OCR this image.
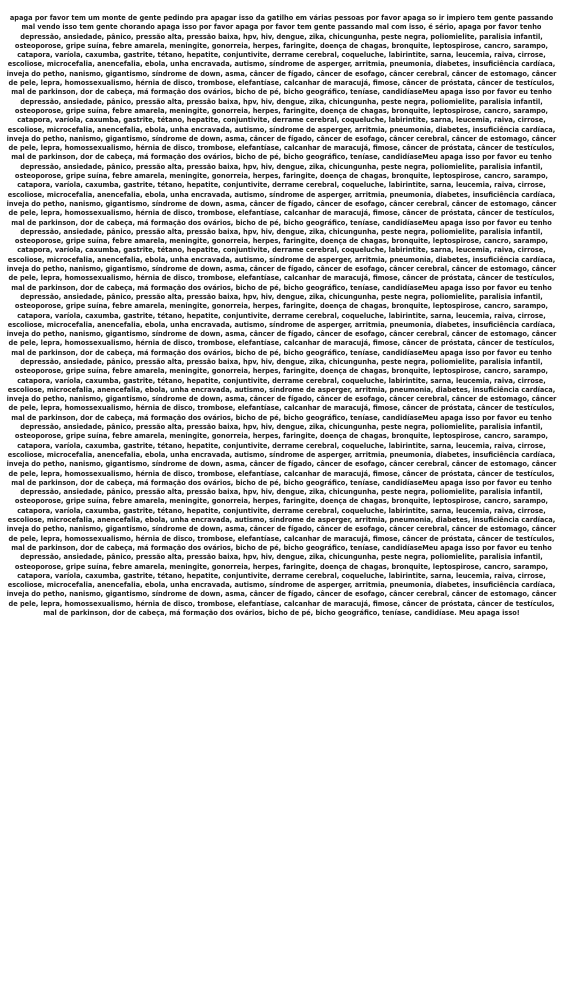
apaga por favor tem um monte de gente pedindo pra apagar isso da gatilho em várias pessoas por favor apaga so ir impiero tem gente passando mal vendo isso tem gente chorando apaga isso por favor apaga por favor tem gente passando mal com isso, é sério, apaga por favor tenho depressão, ansiedade, pânico, pressão alta, pressão baixa, hpv, hiv, dengue, zika, chicungunha, peste negra, poliomielite, paralisia infantil, osteoporose, gripe suína, febre amarela, meningite, gonorreia, herpes, faringite, doença de chagas, bronquite, leptospirose, cancro, sarampo, catapora, varíola, caxumba, gastrite, tétano, hepatite, conjuntivite, derrame cerebral, coqueluche, labirintite, sarna, leucemia, raiva, cirrose, escoliose, microcefalia, anencefalia, ebola, unha encravada, autismo, síndrome de asperger, arritmia, pneumonia, diabetes, insuficiência cardíaca, inveja do petho, nanismo, gigantismo, síndrome de down, asma, câncer de fígado, câncer de esofago, câncer cerebral, câncer de estomago, câncer de pele, lepra, homossexualismo, hérnia de disco, trombose, elefantíase, calcanhar de maracujá, fimose, câncer de próstata, câncer de testículos, mal de parkinson, dor de cabeça, má formação dos ovários, bicho de pé, bicho geográfico, teníase, candidíaseMeu apaga isso por favor eu tenho depressão, ansiedade, pânico, pressão alta, pressão baixa, hpv, hiv, dengue, zika, chicungunha, peste negra, poliomielite, paralisia infantil, osteoporose, gripe suína, febre amarela, meningite, gonorreia, herpes, faringite, doença de chagas, bronquite, leptospirose, cancro, sarampo, catapora, varíola, caxumba, gastrite, tétano, hepatite, conjuntivite, derrame cerebral, coqueluche, labirintite, sarna, leucemia, raiva, cirrose, escoliose, microcefalia, anencefalia, ebola, unha encravada, autismo, síndrome de asperger, arritmia, pneumonia, diabetes, insuficiência cardíaca, inveja do petho, nanismo, gigantismo, síndrome de down, asma, câncer de fígado, câncer de esofago, câncer cerebral, câncer de estomago, câncer de pele, lepra, homossexualismo, hérnia de disco, trombose, elefantíase, calcanhar de maracujá, fimose, câncer de próstata, câncer de testículos, mal de parkinson, dor de cabeça, má formação dos ovários, bicho de pé, bicho geográfico, teníase, candidíaseMeu apaga isso por favor eu tenho depressão, ansiedade, pânico, pressão alta, pressão baixa, hpv, hiv, dengue, zika, chicungunha, peste negra, poliomielite, paralisia infantil, osteoporose, gripe suína, febre amarela, meningite, gonorreia, herpes, faringite, doença de chagas, bronquite, leptospirose, cancro, sarampo, catapora, varíola, caxumba, gastrite, tétano, hepatite, conjuntivite, derrame cerebral, coqueluche, labirintite, sarna, leucemia, raiva, cirrose, escoliose, microcefalia, anencefalia, ebola, unha encravada, autismo, síndrome de asperger, arritmia, pneumonia, diabetes, insuficiência cardíaca, inveja do petho, nanismo, gigantismo, síndrome de down, asma, câncer de fígado, câncer de esofago, câncer cerebral, câncer de estomago, câncer de pele, lepra, homossexualismo, hérnia de disco, trombose, elefantíase, calcanhar de maracujá, fimose, câncer de próstata, câncer de testículos, mal de parkinson, dor de cabeça, má formação dos ovários, bicho de pé, bicho geográfico, teníase, candidíaseMeu apaga isso por favor eu tenho depressão, ansiedade, pânico, pressão alta, pressão baixa, hpv, hiv, dengue, zika, chicungunha, peste negra, poliomielite, paralisia infantil, osteoporose, gripe suína, febre amarela, meningite, gonorreia, herpes, faringite, doença de chagas, bronquite, leptospirose, cancro, sarampo, catapora, varíola, caxumba, gastrite, tétano, hepatite, conjuntivite, derrame cerebral, coqueluche, labirintite, sarna, leucemia, raiva, cirrose, escoliose, microcefalia, anencefalia, ebola, unha encravada, autismo, síndrome de asperger, arritmia, pneumonia, diabetes, insuficiência cardíaca, inveja do petho, nanismo, gigantismo, síndrome de down, asma, câncer de fígado, câncer de esofago, câncer cerebral, câncer de estomago, câncer de pele, lepra, homossexualismo, hérnia de disco, trombose, elefantíase, calcanhar de maracujá, fimose, câncer de próstata, câncer de testículos, mal de parkinson, dor de cabeça, má formação dos ovários, bicho de pé, bicho geográfico, teníase, candidíaseMeu apaga isso por favor eu tenho depressão, ansiedade, pânico, pressão alta, pressão baixa, hpv, hiv, dengue, zika, chicungunha, peste negra, poliomielite, paralisia infantil, osteoporose, gripe suína, febre amarela, meningite, gonorreia, herpes, faringite, doença de chagas, bronquite, leptospirose, cancro, sarampo, catapora, varíola, caxumba, gastrite, tétano, hepatite, conjuntivite, derrame cerebral, coqueluche, labirintite, sarna, leucemia, raiva, cirrose, escoliose, microcefalia, anencefalia, ebola, unha encravada, autismo, síndrome de asperger, arritmia, pneumonia, diabetes, insuficiência cardíaca, inveja do petho, nanismo, gigantismo, síndrome de down, asma, câncer de fígado, câncer de esofago, câncer cerebral, câncer de estomago, câncer de pele, lepra, homossexualismo, hérnia de disco, trombose, elefantíase, calcanhar de maracujá, fimose, câncer de próstata, câncer de testículos, mal de parkinson, dor de cabeça, má formação dos ovários, bicho de pé, bicho geográfico, teníase, candidíaseMeu apaga isso por favor eu tenho depressão, ansiedade, pânico, pressão alta, pressão baixa, hpv, hiv, dengue, zika, chicungunha, peste negra, poliomielite, paralisia infantil, osteoporose, gripe suína, febre amarela, meningite, gonorreia, herpes, faringite, doença de chagas, bronquite, leptospirose, cancro, sarampo, catapora, varíola, caxumba, gastrite, tétano, hepatite, conjuntivite, derrame cerebral, coqueluche, labirintite, sarna, leucemia, raiva, cirrose, escoliose, microcefalia, anencefalia, ebola, unha encravada, autismo, síndrome de asperger, arritmia, pneumonia, diabetes, insuficiência cardíaca, inveja do petho, nanismo, gigantismo, síndrome de down, asma, câncer de fígado, câncer de esofago, câncer cerebral, câncer de estomago, câncer de pele, lepra, homossexualismo, hérnia de disco, trombose, elefantíase, calcanhar de maracujá, fimose, câncer de próstata, câncer de testículos, mal de parkinson, dor de cabeça, má formação dos ovários, bicho de pé, bicho geográfico, teníase, candidíaseMeu apaga isso por favor eu tenho depressão, ansiedade, pânico, pressão alta, pressão baixa, hpv, hiv, dengue, zika, chicungunha, peste negra, poliomielite, paralisia infantil, osteoporose, gripe suína, febre amarela, meningite, gonorreia, herpes, faringite, doença de chagas, bronquite, leptospirose, cancro, sarampo, catapora, varíola, caxumba, gastrite, tétano, hepatite, conjuntivite, derrame cerebral, coqueluche, labirintite, sarna, leucemia, raiva, cirrose, escoliose, microcefalia, anencefalia, ebola, unha encravada, autismo, síndrome de asperger, arritmia, pneumonia, diabetes, insuficiência cardíaca, inveja do petho, nanismo, gigantismo, síndrome de down, asma, câncer de fígado, câncer de esofago, câncer cerebral, câncer de estomago, câncer de pele, lepra, homossexualismo, hérnia de disco, trombose, elefantíase, calcanhar de maracujá, fimose, câncer de próstata, câncer de testículos, mal de parkinson, dor de cabeça, má formação dos ovários, bicho de pé, bicho geográfico, teníase, candidíaseMeu apaga isso por favor eu tenho depressão, ansiedade, pânico, pressão alta, pressão baixa, hpv, hiv, dengue, zika, chicungunha, peste negra, poliomielite, paralisia infantil, osteoporose, gripe suína, febre amarela, meningite, gonorreia, herpes, faringite, doença de chagas, bronquite, leptospirose, cancro, sarampo, catapora, varíola, caxumba, gastrite, tétano, hepatite, conjuntivite, derrame cerebral, coqueluche, labirintite, sarna, leucemia, raiva, cirrose, escoliose, microcefalia, anencefalia, ebola, unha encravada, autismo, síndrome de asperger, arritmia, pneumonia, diabetes, insuficiência cardíaca, inveja do petho, nanismo, gigantismo, síndrome de down, asma, câncer de fígado, câncer de esofago, câncer cerebral, câncer de estomago, câncer de pele, lepra, homossexualismo, hérnia de disco, trombose, elefantíase, calcanhar de maracujá, fimose, câncer de próstata, câncer de testículos, mal de parkinson, dor de cabeça, má formação dos ovários, bicho de pé, bicho geográfico, teníase, candidíaseMeu apaga isso por favor eu tenho depressão, ansiedade, pânico, pressão alta, pressão baixa, hpv, hiv, dengue, zika, chicungunha, peste negra, poliomielite, paralisia infantil, osteoporose, gripe suína, febre amarela, meningite, gonorreia, herpes, faringite, doença de chagas, bronquite, leptospirose, cancro, sarampo, catapora, varíola, caxumba, gastrite, tétano, hepatite, conjuntivite, derrame cerebral, coqueluche, labirintite, sarna, leucemia, raiva, cirrose, escoliose, microcefalia, anencefalia, ebola, unha encravada, autismo, síndrome de asperger, arritmia, pneumonia, diabetes, insuficiência cardíaca, inveja do petho, nanismo, gigantismo, síndrome de down, asma, câncer de fígado, câncer de esofago, câncer cerebral, câncer de estomago, câncer de pele, lepra, homossexualismo, hérnia de disco, trombose, elefantíase, calcanhar de maracujá, fimose, câncer de próstata, câncer de testículos, mal de parkinson, dor de cabeça, má formação dos ovários, bicho de pé, bicho geográfico, teníase, candidíase. Meu apaga isso!
